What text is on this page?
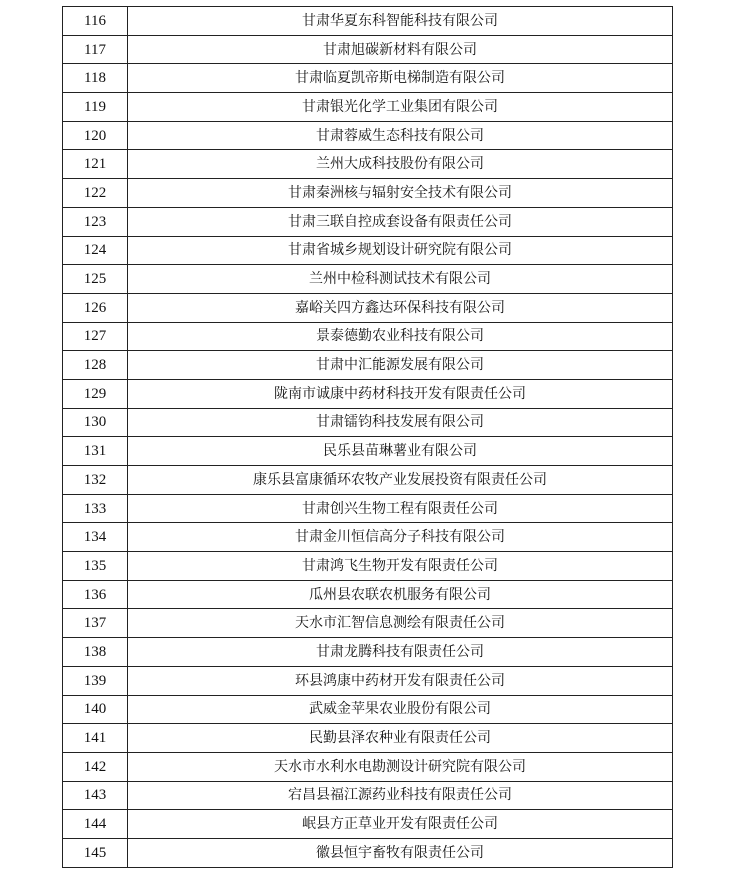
116	甘肃华夏东科智能科技有限公司
117	甘肃旭碳新材料有限公司
118	甘肃临夏凯帝斯电梯制造有限公司
119	甘肃银光化学工业集团有限公司
120	甘肃蓉威生态科技有限公司
121	兰州大成科技股份有限公司
122	甘肃秦洲核与辐射安全技术有限公司
123	甘肃三联自控成套设备有限责任公司
124	甘肃省城乡规划设计研究院有限公司
125	兰州中检科测试技术有限公司
126	嘉峪关四方鑫达环保科技有限公司
127	景泰德勤农业科技有限公司
128	甘肃中汇能源发展有限公司
129	陇南市诚康中药材科技开发有限责任公司
130	甘肃镭钧科技发展有限公司
131	民乐县苗琳薯业有限公司
132	康乐县富康循环农牧产业发展投资有限责任公司
133	甘肃创兴生物工程有限责任公司
134	甘肃金川恒信高分子科技有限公司
135	甘肃鸿飞生物开发有限责任公司
136	瓜州县农联农机服务有限公司
137	天水市汇智信息测绘有限责任公司
138	甘肃龙腾科技有限责任公司
139	环县鸿康中药材开发有限责任公司
140	武威金苹果农业股份有限公司
141	民勤县泽农种业有限责任公司
142	天水市水利水电勘测设计研究院有限公司
143	宕昌县福江源药业科技有限责任公司
144	岷县方正草业开发有限责任公司
145	徽县恒宇畜牧有限责任公司
